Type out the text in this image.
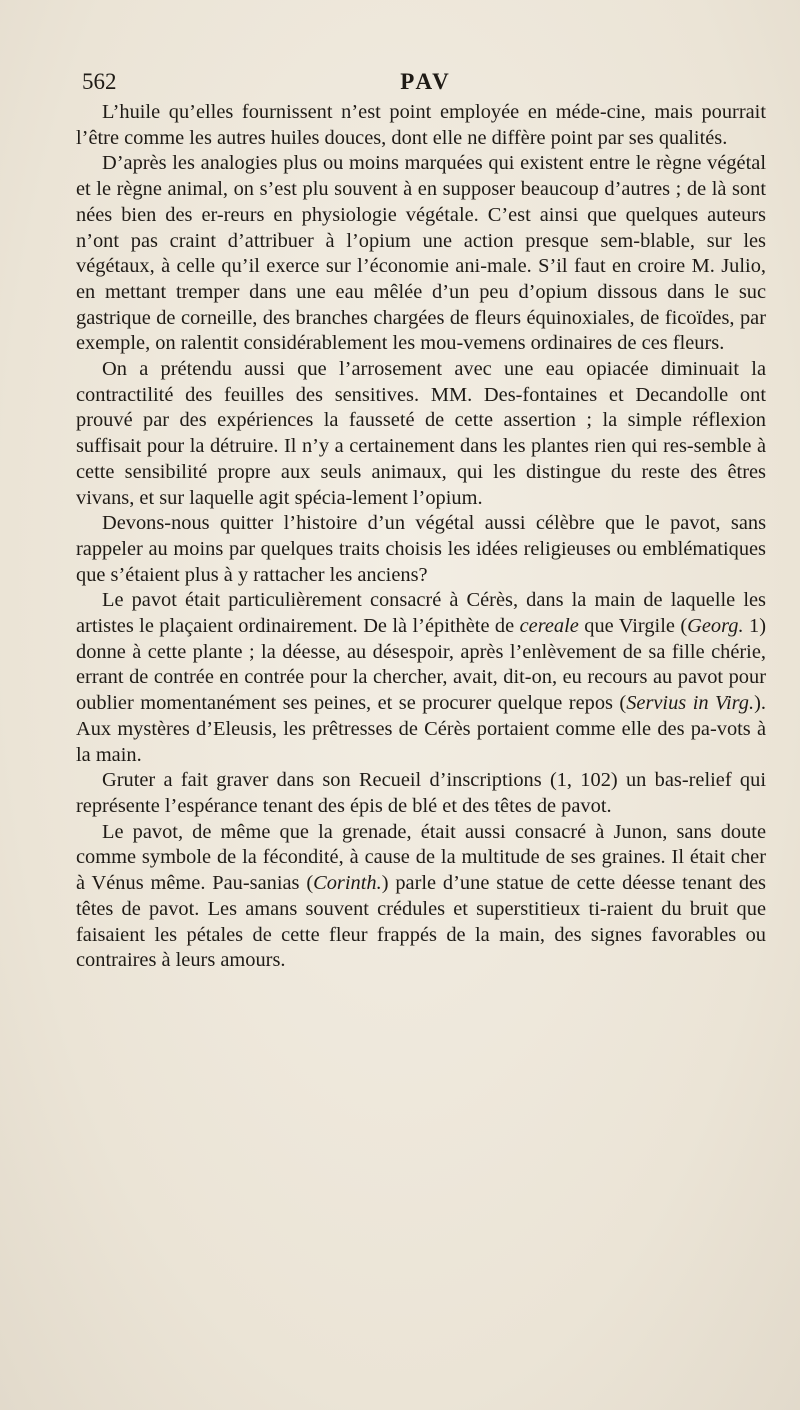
562	PAV

L’huile qu’elles fournissent n’est point employée en méde-cine, mais pourrait l’être comme les autres huiles douces, dont elle ne diffère point par ses qualités.

D’après les analogies plus ou moins marquées qui existent entre le règne végétal et le règne animal, on s’est plu souvent à en supposer beaucoup d’autres ; de là sont nées bien des er-reurs en physiologie végétale. C’est ainsi que quelques auteurs n’ont pas craint d’attribuer à l’opium une action presque sem-blable, sur les végétaux, à celle qu’il exerce sur l’économie ani-male. S’il faut en croire M. Julio, en mettant tremper dans une eau mêlée d’un peu d’opium dissous dans le suc gastrique de corneille, des branches chargées de fleurs équinoxiales, de ficoïdes, par exemple, on ralentit considérablement les mou-vemens ordinaires de ces fleurs.

On a prétendu aussi que l’arrosement avec une eau opiacée diminuait la contractilité des feuilles des sensitives. MM. Des-fontaines et Decandolle ont prouvé par des expériences la fausseté de cette assertion ; la simple réflexion suffisait pour la détruire. Il n’y a certainement dans les plantes rien qui res-semble à cette sensibilité propre aux seuls animaux, qui les distingue du reste des êtres vivans, et sur laquelle agit spécia-lement l’opium.

Devons-nous quitter l’histoire d’un végétal aussi célèbre que le pavot, sans rappeler au moins par quelques traits choisis les idées religieuses ou emblématiques que s’étaient plus à y rattacher les anciens?

Le pavot était particulièrement consacré à Cérès, dans la main de laquelle les artistes le plaçaient ordinairement. De là l’épithète de cereale que Virgile (Georg. 1) donne à cette plante ; la déesse, au désespoir, après l’enlèvement de sa fille chérie, errant de contrée en contrée pour la chercher, avait, dit-on, eu recours au pavot pour oublier momentanément ses peines, et se procurer quelque repos (Servius in Virg.). Aux mystères d’Eleusis, les prêtresses de Cérès portaient comme elle des pa-vots à la main.

Gruter a fait graver dans son Recueil d’inscriptions (1, 102) un bas-relief qui représente l’espérance tenant des épis de blé et des têtes de pavot.

Le pavot, de même que la grenade, était aussi consacré à Junon, sans doute comme symbole de la fécondité, à cause de la multitude de ses graines. Il était cher à Vénus même. Pau-sanias (Corinth.) parle d’une statue de cette déesse tenant des têtes de pavot. Les amans souvent crédules et superstitieux ti-raient du bruit que faisaient les pétales de cette fleur frappés de la main, des signes favorables ou contraires à leurs amours.
